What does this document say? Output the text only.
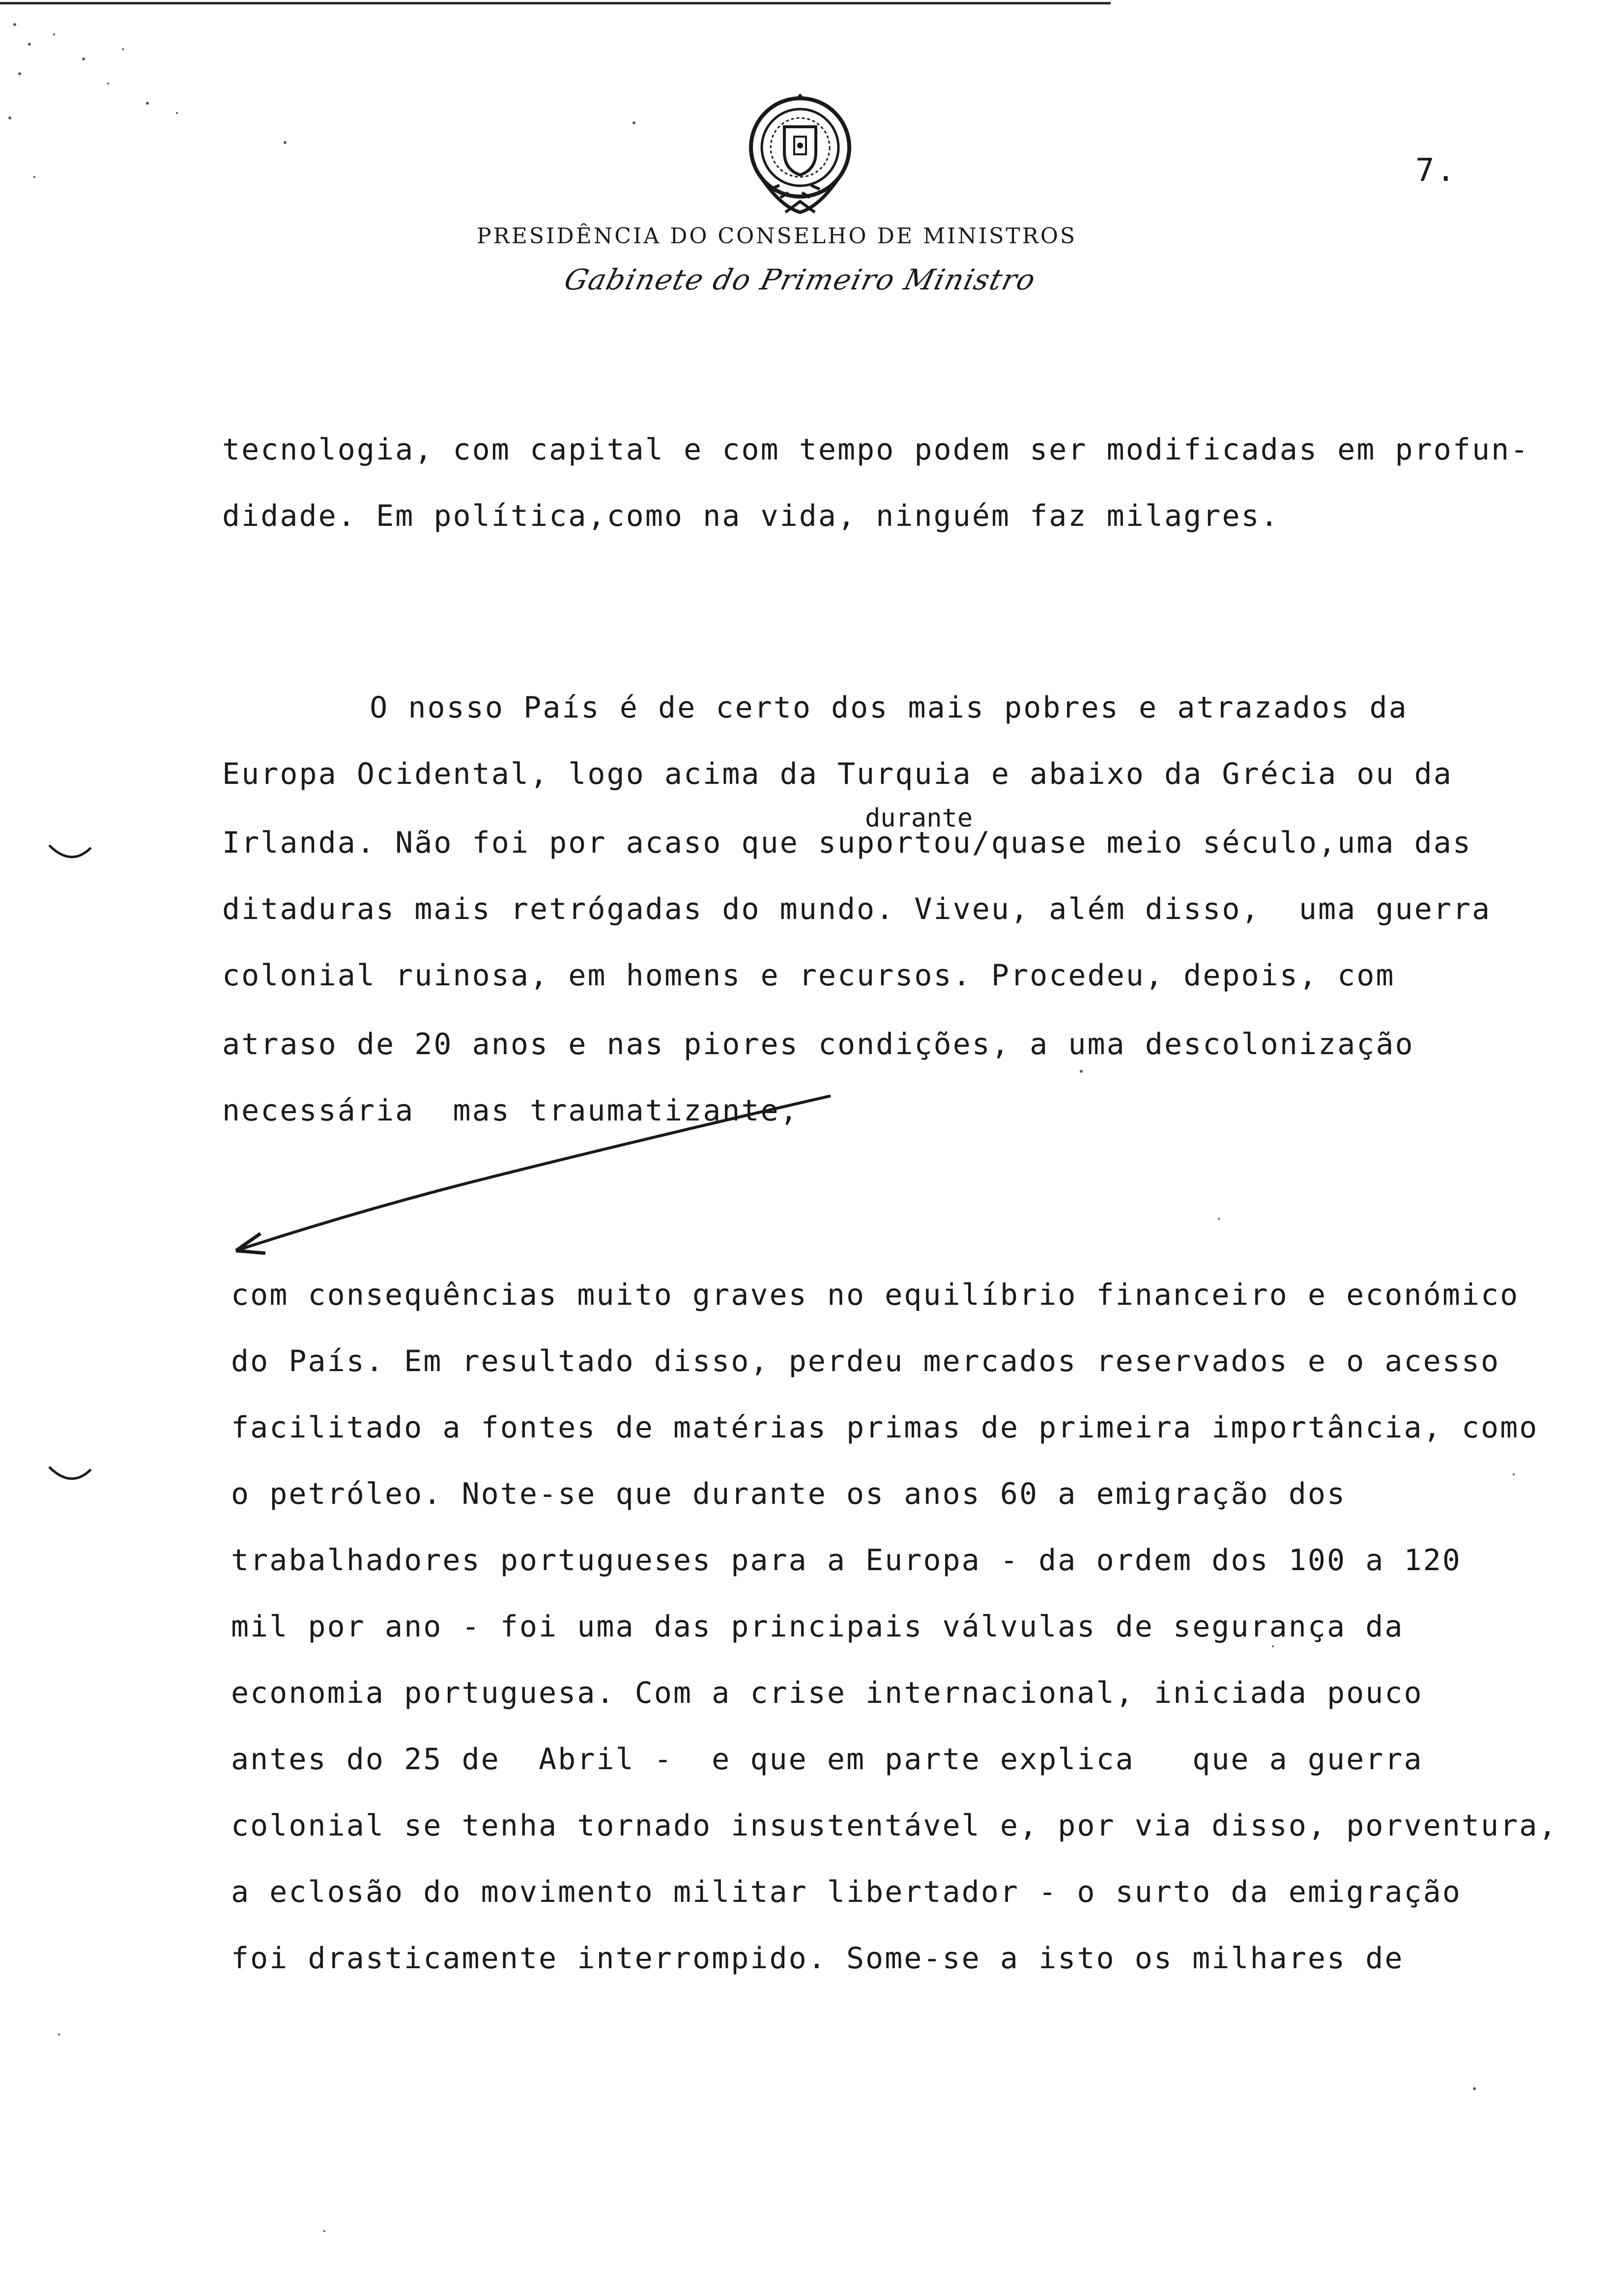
7.
PRESIDÊNCIA DO CONSELHO DE MINISTROS
Gabinete do Primeiro Ministro
tecnologia, com capital e com tempo podem ser modificadas em profun-
didade. Em política,como na vida, ninguém faz milagres.
O nosso País é de certo dos mais pobres e atrazados da
Europa Ocidental, logo acima da Turquia e abaixo da Grécia ou da
Irlanda. Não foi por acaso que suportou/quase meio século,uma das
durante
ditaduras mais retrógadas do mundo. Viveu, além disso,  uma guerra
colonial ruinosa, em homens e recursos. Procedeu, depois, com
atraso de 20 anos e nas piores condições, a uma descolonização
necessária  mas traumatizante,
com consequências muito graves no equilíbrio financeiro e económico
do País. Em resultado disso, perdeu mercados reservados e o acesso
facilitado a fontes de matérias primas de primeira importância, como
o petróleo. Note-se que durante os anos 60 a emigração dos
trabalhadores portugueses para a Europa - da ordem dos 100 a 120
mil por ano - foi uma das principais válvulas de segurança da
economia portuguesa. Com a crise internacional, iniciada pouco
antes do 25 de  Abril -  e que em parte explica   que a guerra
colonial se tenha tornado insustentável e, por via disso, porventura,
a eclosão do movimento militar libertador - o surto da emigração
foi drasticamente interrompido. Some-se a isto os milhares de
